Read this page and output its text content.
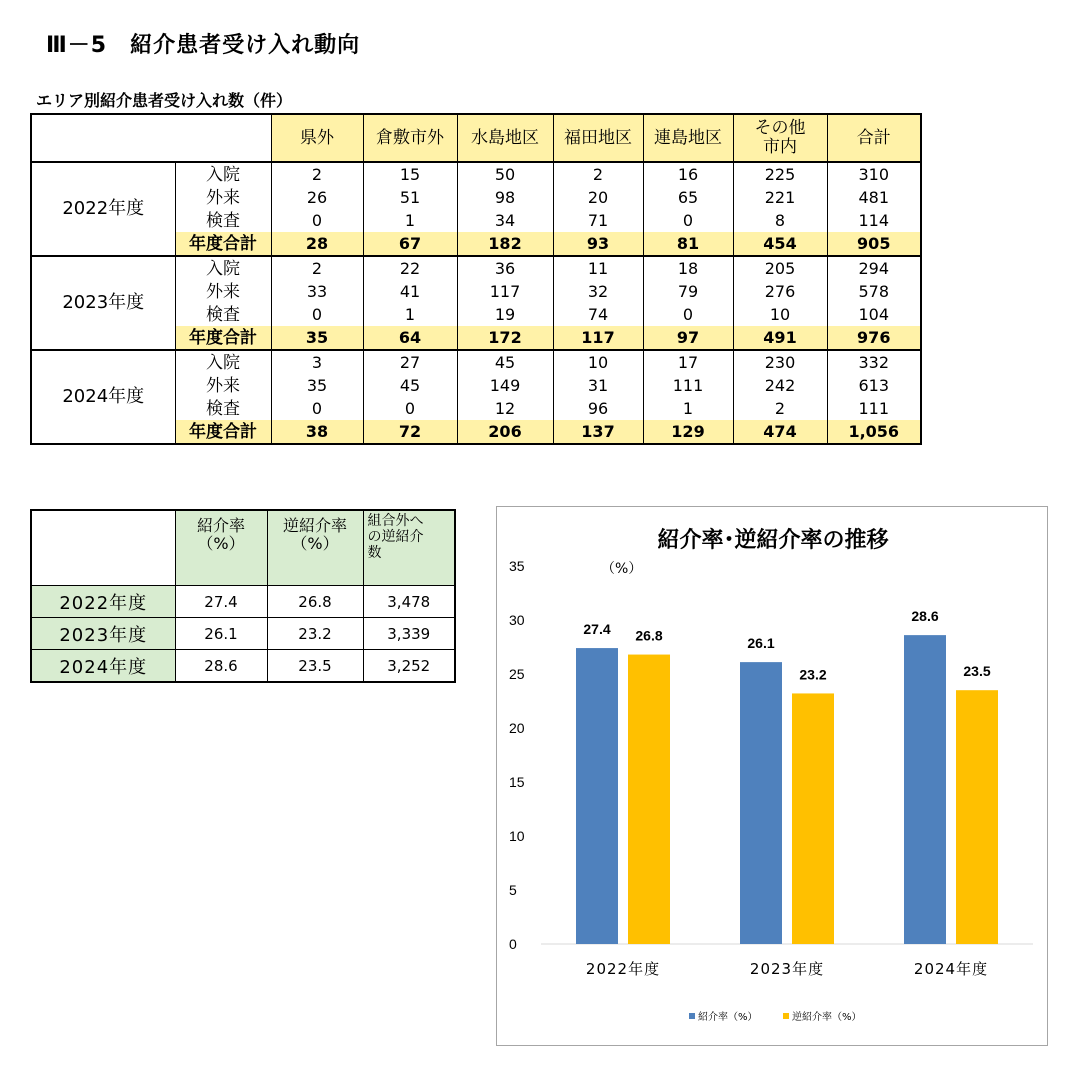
Ⅲ－5　紹介患者受け入れ動向
エリア別紹介患者受け入れ数（件）
		県外	倉敷市外	水島地区	福田地区	連島地区	その他
市内	合計
2022年度	入院	2	15	50	2	16	225	310
	外来	26	51	98	20	65	221	481
	検査	0	1	34	71	0	8	114
	年度合計	28	67	182	93	81	454	905
2023年度	入院	2	22	36	11	18	205	294
	外来	33	41	117	32	79	276	578
	検査	0	1	19	74	0	10	104
	年度合計	35	64	172	117	97	491	976
2024年度	入院	3	27	45	10	17	230	332
	外来	35	45	149	31	111	242	613
	検査	0	0	12	96	1	2	111
	年度合計	38	72	206	137	129	474	1,056
	紹介率
（%）	逆紹介率
（%）	組合外へ
の逆紹介
数
2022年度	27.4	26.8	3,478
2023年度	26.1	23.2	3,339
2024年度	28.6	23.5	3,252
紹介率･逆紹介率の推移
（%）
0
5
10
15
20
25
30
35
27.4 26.8
2022年度
26.1
23.2
2023年度
28.6
23.5
2024年度
紹介率（%）	逆紹介率（%）
